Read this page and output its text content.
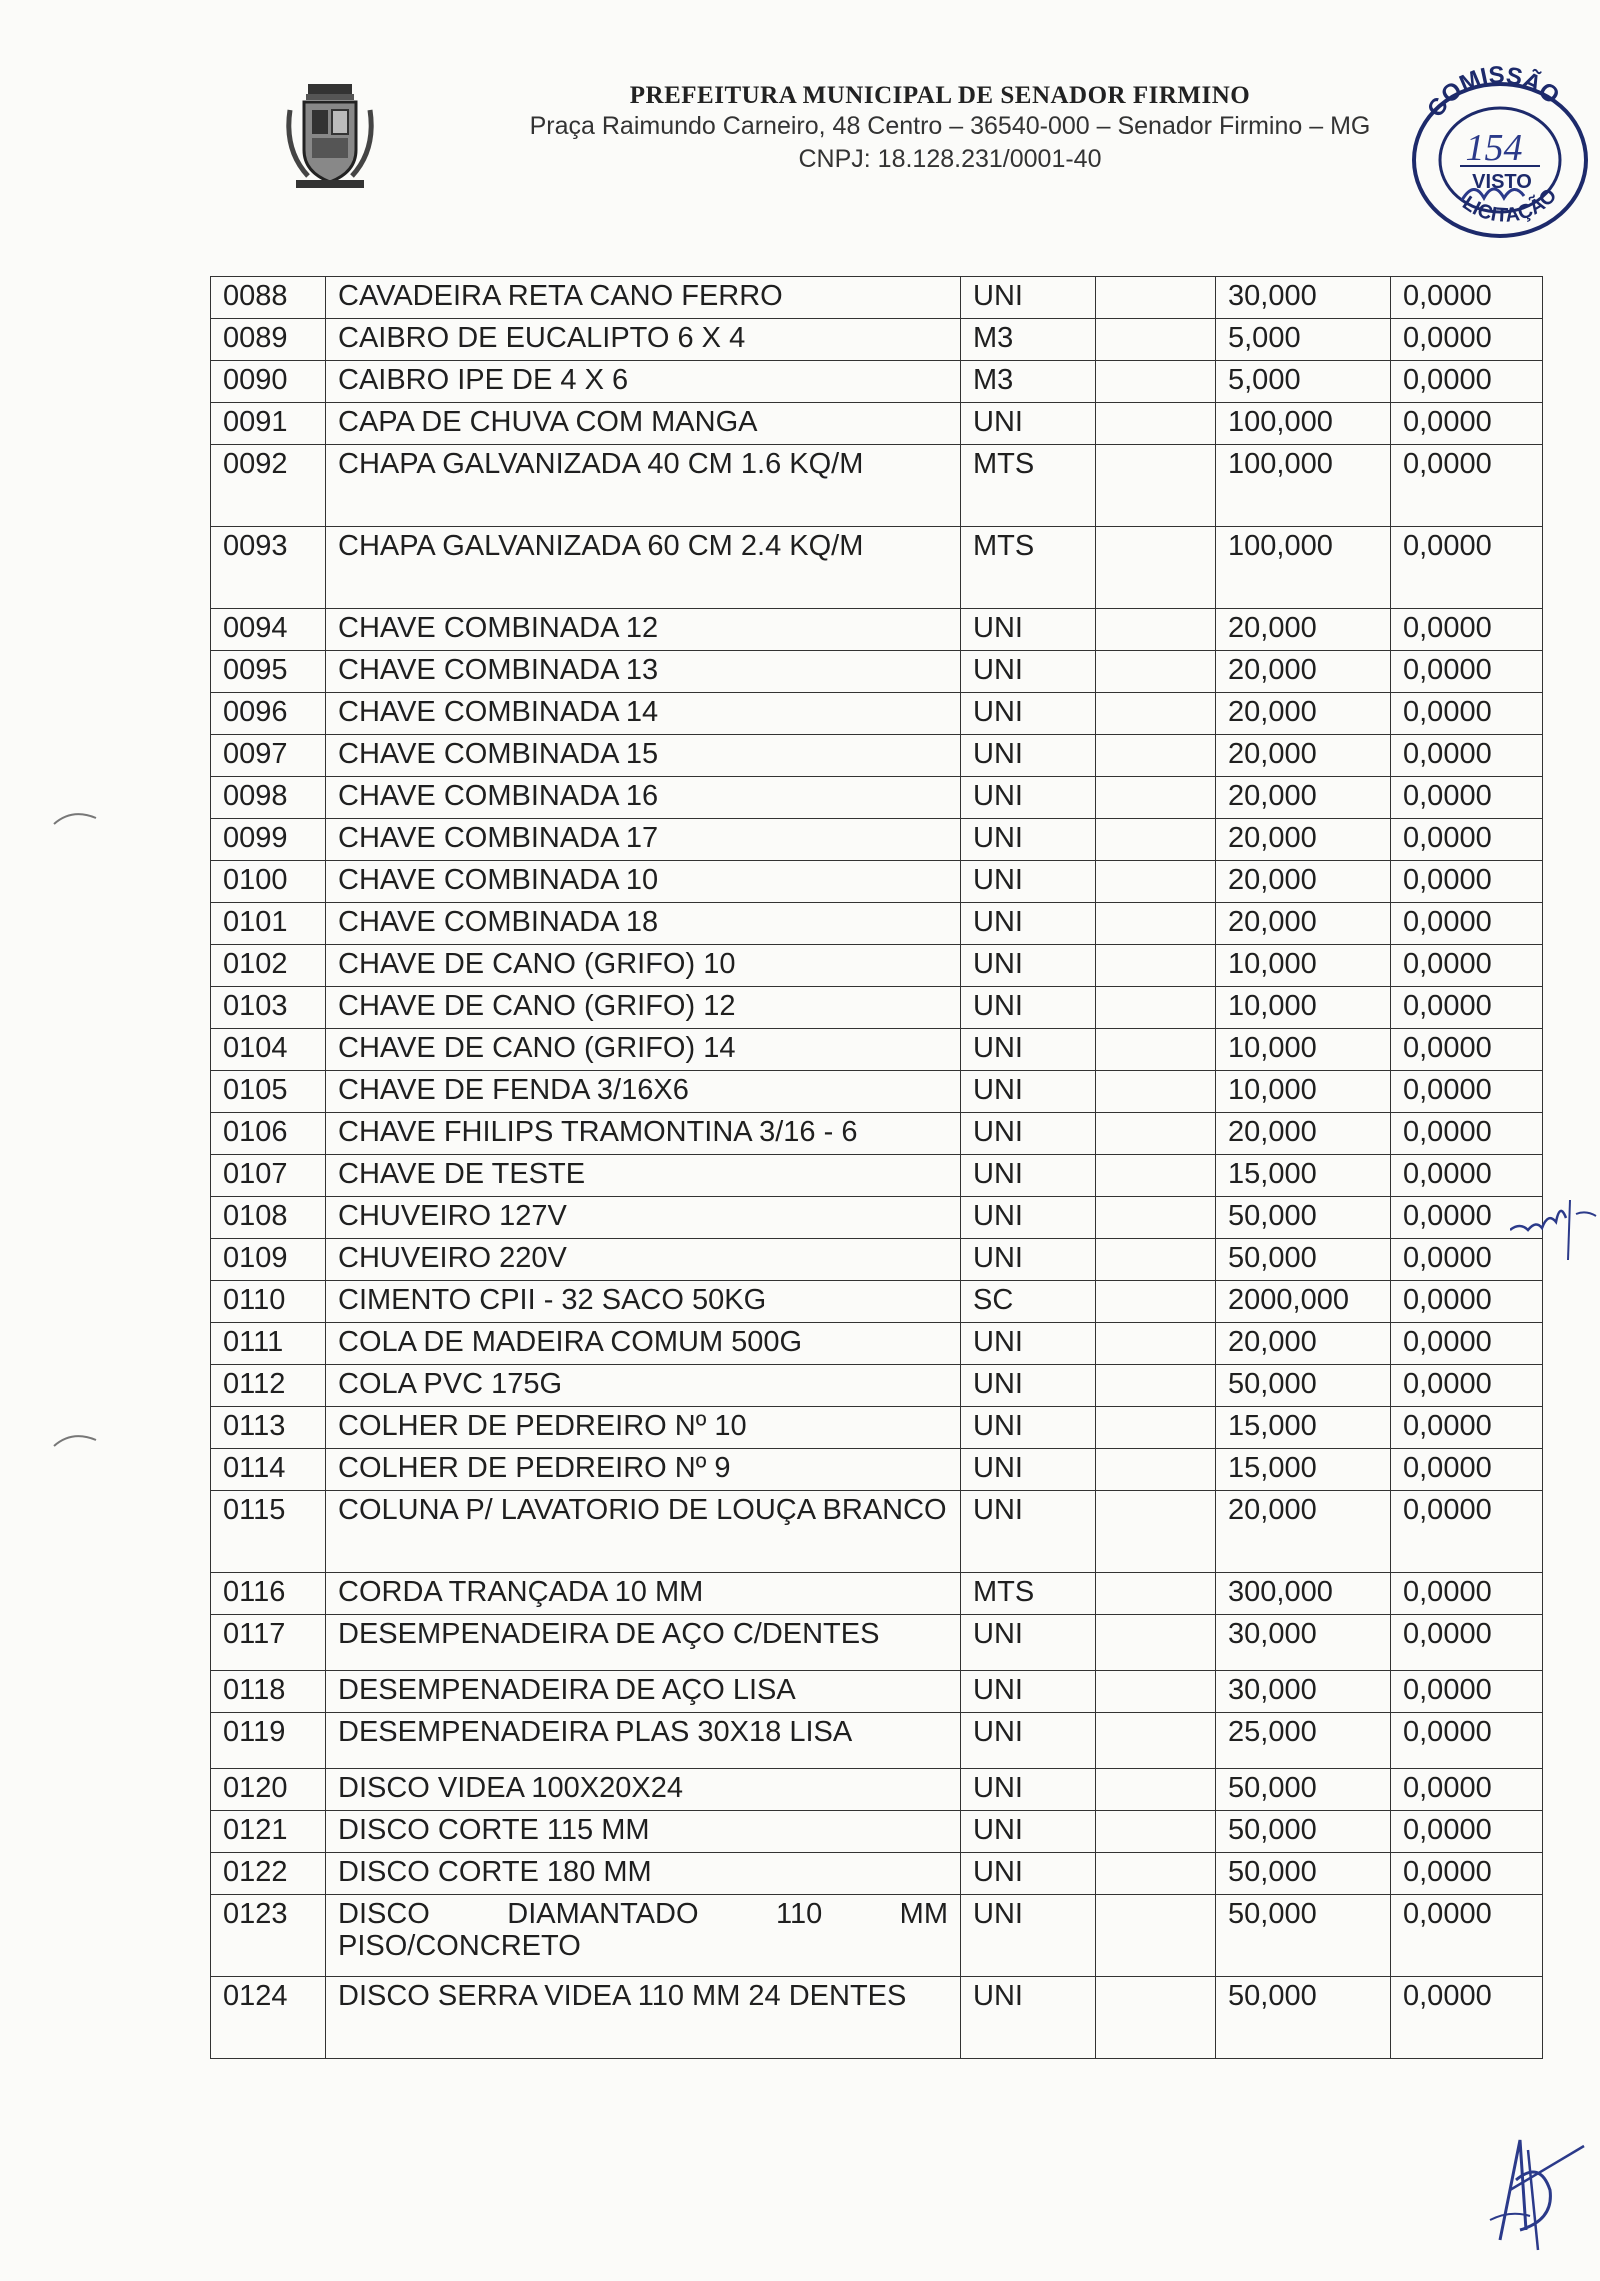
PREFEITURA MUNICIPAL DE SENADOR FIRMINO
Praça Raimundo Carneiro, 48 Centro – 36540-000 – Senador Firmino – MG
CNPJ: 18.128.231/0001-40
COMISSÃO
154
VISTO
LICITAÇÃO
0088	CAVADEIRA RETA CANO FERRO	UNI		30,000	0,0000
0089	CAIBRO DE EUCALIPTO 6 X 4	M3		5,000	0,0000
0090	CAIBRO IPE DE 4 X 6	M3		5,000	0,0000
0091	CAPA DE CHUVA COM MANGA	UNI		100,000	0,0000
0092	CHAPA GALVANIZADA 40 CM 1.6 KQ/M	MTS		100,000	0,0000
0093	CHAPA GALVANIZADA 60 CM 2.4 KQ/M	MTS		100,000	0,0000
0094	CHAVE COMBINADA 12	UNI		20,000	0,0000
0095	CHAVE COMBINADA 13	UNI		20,000	0,0000
0096	CHAVE COMBINADA 14	UNI		20,000	0,0000
0097	CHAVE COMBINADA 15	UNI		20,000	0,0000
0098	CHAVE COMBINADA 16	UNI		20,000	0,0000
0099	CHAVE COMBINADA 17	UNI		20,000	0,0000
0100	CHAVE COMBINADA 10	UNI		20,000	0,0000
0101	CHAVE COMBINADA 18	UNI		20,000	0,0000
0102	CHAVE DE CANO (GRIFO) 10	UNI		10,000	0,0000
0103	CHAVE DE CANO (GRIFO) 12	UNI		10,000	0,0000
0104	CHAVE DE CANO (GRIFO) 14	UNI		10,000	0,0000
0105	CHAVE DE FENDA 3/16X6	UNI		10,000	0,0000
0106	CHAVE FHILIPS TRAMONTINA 3/16 - 6	UNI		20,000	0,0000
0107	CHAVE DE TESTE	UNI		15,000	0,0000
0108	CHUVEIRO 127V	UNI		50,000	0,0000
0109	CHUVEIRO 220V	UNI		50,000	0,0000
0110	CIMENTO CPII - 32 SACO 50KG	SC		2000,000	0,0000
0111	COLA DE MADEIRA COMUM 500G	UNI		20,000	0,0000
0112	COLA PVC 175G	UNI		50,000	0,0000
0113	COLHER DE PEDREIRO Nº 10	UNI		15,000	0,0000
0114	COLHER DE PEDREIRO Nº 9	UNI		15,000	0,0000
0115	COLUNA P/ LAVATORIO DE LOUÇA BRANCO	UNI		20,000	0,0000
0116	CORDA TRANÇADA 10 MM	MTS		300,000	0,0000
0117	DESEMPENADEIRA DE AÇO C/DENTES	UNI		30,000	0,0000
0118	DESEMPENADEIRA DE AÇO LISA	UNI		30,000	0,0000
0119	DESEMPENADEIRA PLAS 30X18 LISA	UNI		25,000	0,0000
0120	DISCO VIDEA 100X20X24	UNI		50,000	0,0000
0121	DISCO CORTE 115 MM	UNI		50,000	0,0000
0122	DISCO CORTE 180 MM	UNI		50,000	0,0000
0123	DISCO DIAMANTADO 110 MM PISO/CONCRETO	UNI		50,000	0,0000
0124	DISCO SERRA VIDEA 110 MM 24 DENTES	UNI		50,000	0,0000
